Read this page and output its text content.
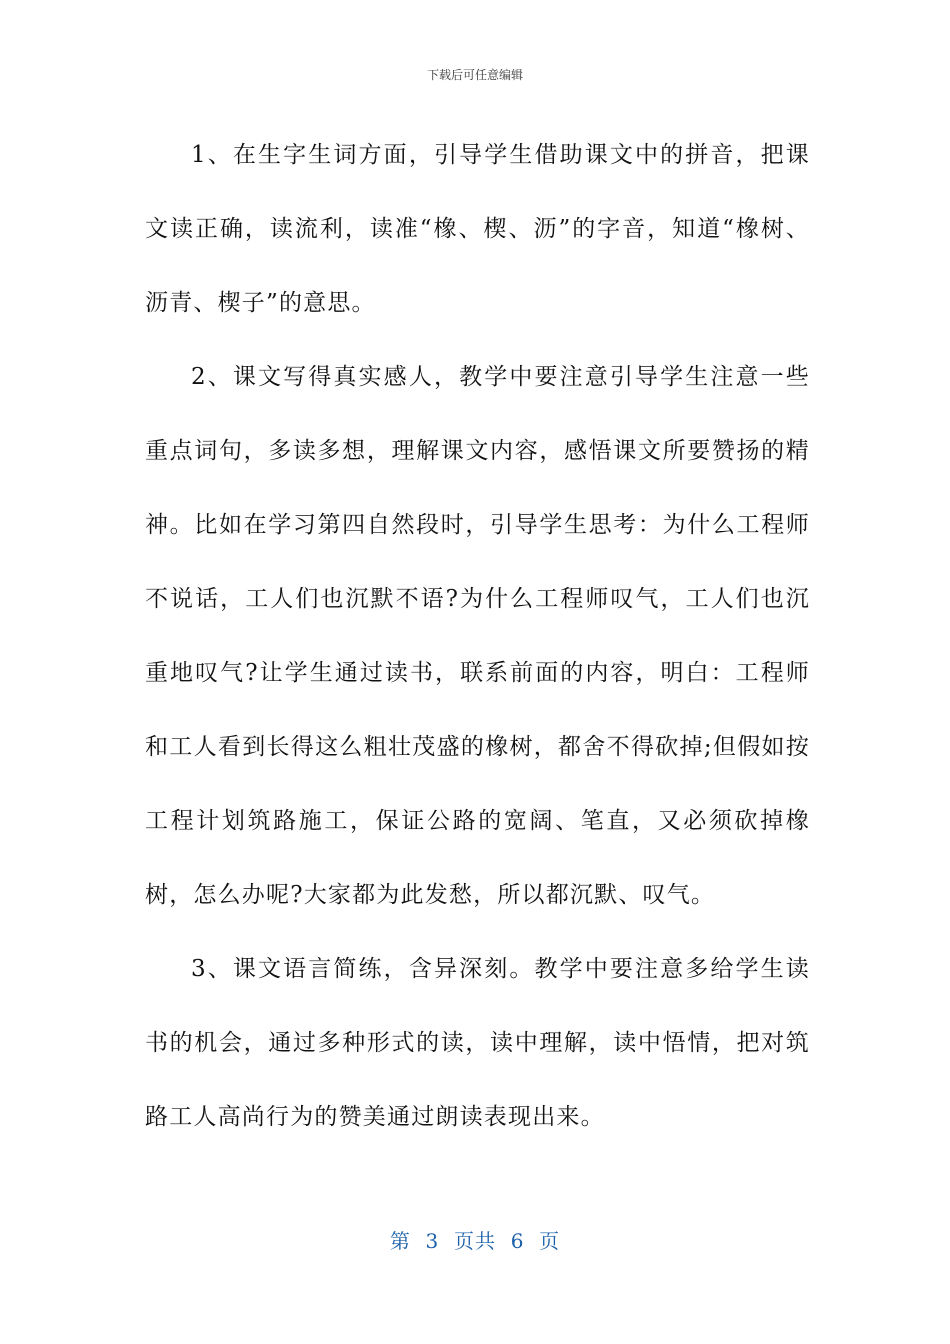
下载后可任意编辑

1、在生字生词方面，引导学生借助课文中的拼音，把课文读正确，读流利，读准“橡、楔、沥”的字音，知道“橡树、沥青、楔子”的意思。

2、课文写得真实感人，教学中要注意引导学生注意一些重点词句，多读多想，理解课文内容，感悟课文所要赞扬的精神。比如在学习第四自然段时，引导学生思考：为什么工程师不说话，工人们也沉默不语?为什么工程师叹气，工人们也沉重地叹气?让学生通过读书，联系前面的内容，明白：工程师和工人看到长得这么粗壮茂盛的橡树，都舍不得砍掉;但假如按工程计划筑路施工，保证公路的宽阔、笔直，又必须砍掉橡树，怎么办呢?大家都为此发愁，所以都沉默、叹气。

3、课文语言简练，含异深刻。教学中要注意多给学生读书的机会，通过多种形式的读，读中理解，读中悟情，把对筑路工人高尚行为的赞美通过朗读表现出来。

第  3  页共  6  页
